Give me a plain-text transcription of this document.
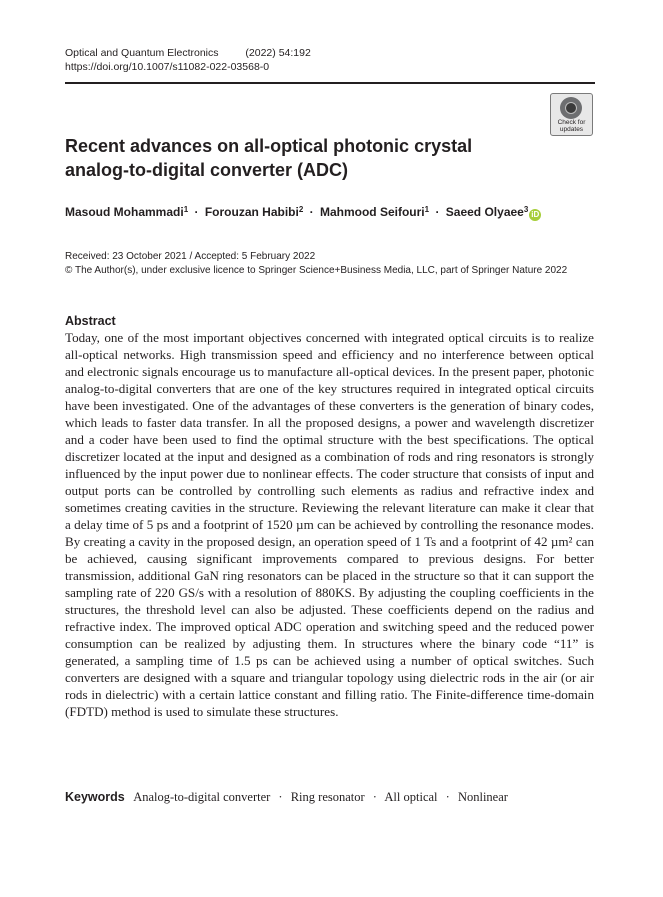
Optical and Quantum Electronics	(2022) 54:192
https://doi.org/10.1007/s11082-022-03568-0
Check for
updates
Recent advances on all-optical photonic crystal analog-to-digital converter (ADC)
Masoud Mohammadi$^1$ · Forouzan Habibi$^2$ · Mahmood Seifouri$^1$ · Saeed Olyaee$^3$iD
Received: 23 October 2021 / Accepted: 5 February 2022
© The Author(s), under exclusive licence to Springer Science+Business Media, LLC, part of Springer Nature 2022
Abstract

Today, one of the most important objectives concerned with integrated optical circuits is to realize all-optical networks. High transmission speed and efficiency and no interference between optical and electronic signals encourage us to manufacture all-optical devices. In the present paper, photonic analog-to-digital converters that are one of the key structures required in integrated optical circuits have been investigated. One of the advantages of these converters is the generation of binary codes, which leads to faster data transfer. In all the proposed designs, a power and wavelength discretizer and a coder have been used to find the optimal structure with the best specifications. The optical discretizer located at the input and designed as a combination of rods and ring resonators is strongly influenced by the input power due to nonlinear effects. The coder structure that consists of input and output ports can be controlled by controlling such elements as radius and refractive index and sometimes creating cavities in the structure. Reviewing the relevant literature can make it clear that a delay time of 5 ps and a footprint of 1520 µm can be achieved by controlling the resonance modes. By creating a cavity in the proposed design, an operation speed of 1 Ts and a footprint of 42 µm² can be achieved, causing significant improvements compared to previous designs. For better transmission, additional GaN ring resonators can be placed in the structure so that it can support the sampling rate of 220 GS/s with a resolution of 880KS. By adjusting the coupling coefficients in the structures, the threshold level can also be adjusted. These coefficients depend on the radius and refractive index. The improved optical ADC operation and switching speed and the reduced power consumption can be realized by adjusting them. In structures where the binary code “11” is generated, a sampling time of 1.5 ps can be achieved using a number of optical switches. Such converters are designed with a square and triangular topology using dielectric rods in the air (or air rods in dielectric) with a certain lattice constant and filling ratio. The Finite-difference time-domain (FDTD) method is used to simulate these structures.

Keywords Analog-to-digital converter · Ring resonator · All optical · Nonlinear
